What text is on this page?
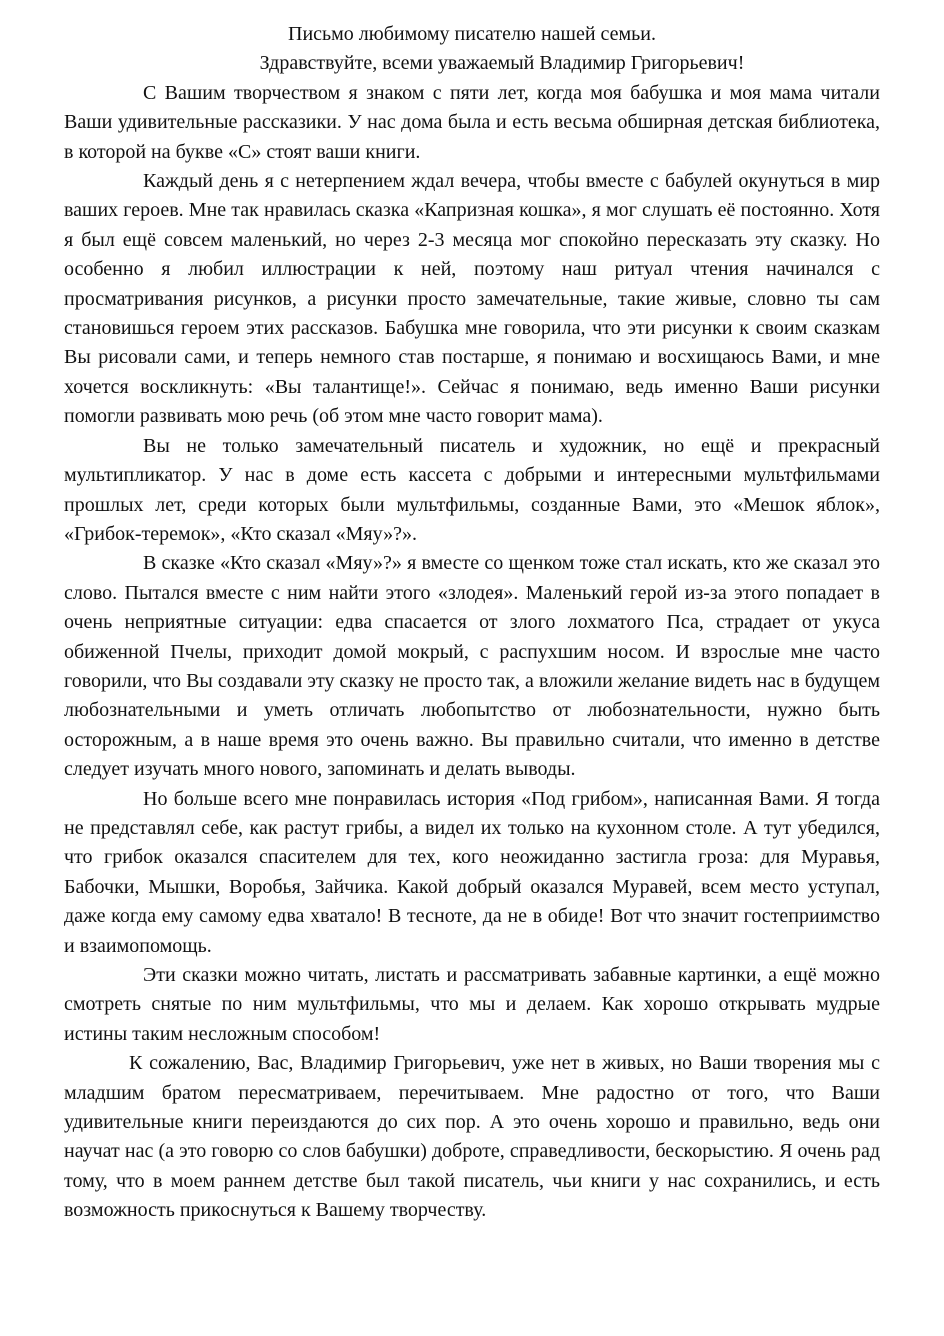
Письмо любимому писателю нашей семьи.

Здравствуйте, всеми уважаемый Владимир Григорьевич!

С Вашим творчеством я знаком с пяти лет, когда моя бабушка и моя мама читали Ваши удивительные рассказики. У нас дома была и есть весьма обширная детская библиотека, в которой на букве «С» стоят ваши книги.

Каждый день я с нетерпением ждал вечера, чтобы вместе с бабулей окунуться в мир ваших героев. Мне так нравилась сказка «Капризная кошка», я мог слушать её постоянно. Хотя я был ещё совсем маленький, но через 2-3 месяца мог спокойно пересказать эту сказку. Но особенно я любил иллюстрации к ней, поэтому наш ритуал чтения начинался с просматривания рисунков, а рисунки просто замечательные, такие живые, словно ты сам становишься героем этих рассказов. Бабушка мне говорила, что эти рисунки к своим сказкам Вы рисовали сами, и теперь немного став постарше, я понимаю и восхищаюсь Вами, и мне хочется воскликнуть: «Вы талантище!». Сейчас я понимаю, ведь именно Ваши рисунки помогли развивать мою речь (об этом мне часто говорит мама).

Вы не только замечательный писатель и художник, но ещё и прекрасный мультипликатор. У нас в доме есть кассета с добрыми и интересными мультфильмами прошлых лет, среди которых были мультфильмы, созданные Вами, это «Мешок яблок», «Грибок-теремок», «Кто сказал «Мяу»?».

В сказке «Кто сказал «Мяу»?» я вместе со щенком тоже стал искать, кто же сказал это слово. Пытался вместе с ним найти этого «злодея». Маленький герой из-за этого попадает в очень неприятные ситуации: едва спасается от злого лохматого Пса, страдает от укуса обиженной Пчелы, приходит домой мокрый, с распухшим носом. И взрослые мне часто говорили, что Вы создавали эту сказку не просто так, а вложили желание видеть нас в будущем любознательными и уметь отличать любопытство от любознательности, нужно быть осторожным, а в наше время это очень важно. Вы правильно считали, что именно в детстве следует изучать много нового, запоминать и делать выводы.

Но больше всего мне понравилась история «Под грибом», написанная Вами. Я тогда не представлял себе, как растут грибы, а видел их только на кухонном столе. А тут убедился, что грибок оказался спасителем для тех, кого неожиданно застигла гроза: для Муравья, Бабочки, Мышки, Воробья, Зайчика. Какой добрый оказался Муравей, всем место уступал, даже когда ему самому едва хватало! В тесноте, да не в обиде! Вот что значит гостеприимство и взаимопомощь.

Эти сказки можно читать, листать и рассматривать забавные картинки, а ещё можно смотреть снятые по ним мультфильмы, что мы и делаем. Как хорошо открывать мудрые истины таким несложным способом!

К сожалению, Вас, Владимир Григорьевич, уже нет в живых, но Ваши творения мы с младшим братом пересматриваем, перечитываем. Мне радостно от того, что Ваши удивительные книги переиздаются до сих пор. А это очень хорошо и правильно, ведь они научат нас (а это говорю со слов бабушки) доброте, справедливости, бескорыстию. Я очень рад тому, что в моем раннем детстве был такой писатель, чьи книги у нас сохранились, и есть возможность прикоснуться к Вашему творчеству.
